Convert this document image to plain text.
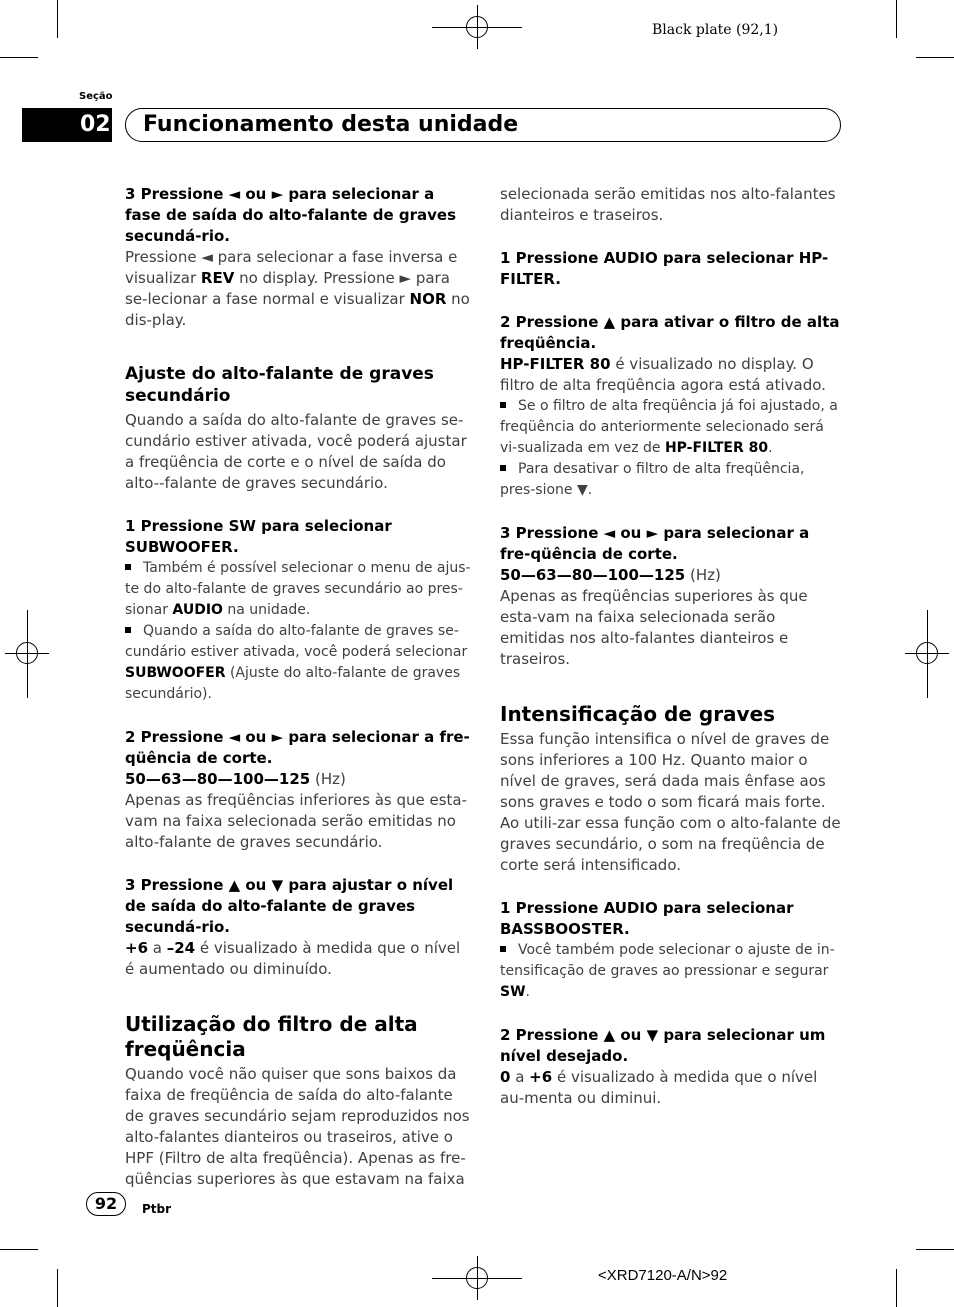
Black plate (92,1)
Seção
02 Funcionamento desta unidade

3 Pressione ◄ ou ► para selecionar a fase de saída do alto-falante de graves secundá-rio.

Pressione ◄ para selecionar a fase inversa e visualizar REV no display. Pressione ► para se-lecionar a fase normal e visualizar NOR no dis-play.

Ajuste do alto-falante de graves secundário

Quando a saída do alto-falante de graves se-cundário estiver ativada, você poderá ajustar a freqüência de corte e o nível de saída do alto--falante de graves secundário.

1 Pressione SW para selecionar SUBWOOFER.

Também é possível selecionar o menu de ajus-te do alto-falante de graves secundário ao pres-sionar AUDIO na unidade.

Quando a saída do alto-falante de graves se-cundário estiver ativada, você poderá selecionar SUBWOOFER (Ajuste do alto-falante de graves secundário).

2 Pressione ◄ ou ► para selecionar a fre-qüência de corte.

50—63—80—100—125 (Hz)

Apenas as freqüências inferiores às que esta-vam na faixa selecionada serão emitidas no alto-falante de graves secundário.

3 Pressione ▲ ou ▼ para ajustar o nível de saída do alto-falante de graves secundá-rio.

+6 a –24 é visualizado à medida que o nível é aumentado ou diminuído.

Utilização do filtro de alta freqüência

Quando você não quiser que sons baixos da faixa de freqüência de saída do alto-falante de graves secundário sejam reproduzidos nos alto-falantes dianteiros ou traseiros, ative o HPF (Filtro de alta freqüência). Apenas as fre-qüências superiores às que estavam na faixa

selecionada serão emitidas nos alto-falantes dianteiros e traseiros.

1 Pressione AUDIO para selecionar HP-FILTER.

2 Pressione ▲ para ativar o filtro de alta freqüência.

HP-FILTER 80 é visualizado no display. O filtro de alta freqüência agora está ativado.

Se o filtro de alta freqüência já foi ajustado, a freqüência do anteriormente selecionado será vi-sualizada em vez de HP-FILTER 80.

Para desativar o filtro de alta freqüência, pres-sione ▼.

3 Pressione ◄ ou ► para selecionar a fre-qüência de corte.

50—63—80—100—125 (Hz)

Apenas as freqüências superiores às que esta-vam na faixa selecionada serão emitidas nos alto-falantes dianteiros e traseiros.

Intensificação de graves

Essa função intensifica o nível de graves de sons inferiores a 100 Hz. Quanto maior o nível de graves, será dada mais ênfase aos sons graves e todo o som ficará mais forte. Ao utili-zar essa função com o alto-falante de graves secundário, o som na freqüência de corte será intensificado.

1 Pressione AUDIO para selecionar BASSBOOSTER.

Você também pode selecionar o ajuste de in-tensificação de graves ao pressionar e segurar SW.

2 Pressione ▲ ou ▼ para selecionar um nível desejado.

0 a +6 é visualizado à medida que o nível au-menta ou diminui.

92	Ptbr
<XRD7120-A/N>92
